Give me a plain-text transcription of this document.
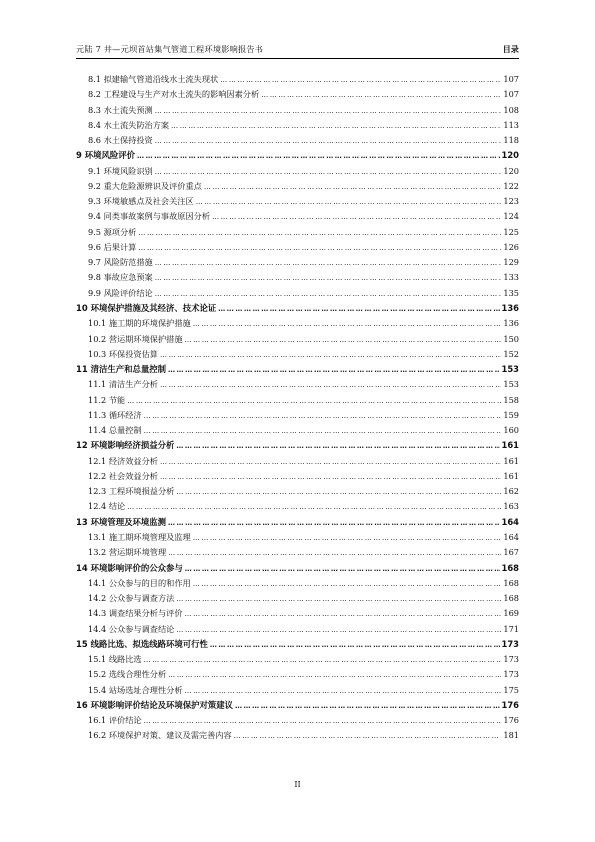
元陆 7 井—元坝首站集气管道工程环境影响报告书	目录
8.1 拟建输气管道沿线水土流失现状 …………………………………………………………………………………………………………………………………………………………………………………………	107
8.2 工程建设与生产对水土流失的影响因素分析 …………………………………………………………………………………………………………………………………………………………………………………………	107
8.3 水土流失预测 …………………………………………………………………………………………………………………………………………………………………………………………	108
8.4 水土流失防治方案 …………………………………………………………………………………………………………………………………………………………………………………………	113
8.6 水土保持投资 …………………………………………………………………………………………………………………………………………………………………………………………	118
9 环境风险评价 …………………………………………………………………………………………………………………………………………………………………………………………	120
9.1 环境风险识别 …………………………………………………………………………………………………………………………………………………………………………………………	120
9.2 重大危险源辨识及评价重点 …………………………………………………………………………………………………………………………………………………………………………………………	122
9.3 环境敏感点及社会关注区 …………………………………………………………………………………………………………………………………………………………………………………………	123
9.4 同类事故案例与事故原因分析 …………………………………………………………………………………………………………………………………………………………………………………………	124
9.5 源项分析 …………………………………………………………………………………………………………………………………………………………………………………………	125
9.6 后果计算 …………………………………………………………………………………………………………………………………………………………………………………………	126
9.7 风险防范措施 …………………………………………………………………………………………………………………………………………………………………………………………	129
9.8 事故应急预案 …………………………………………………………………………………………………………………………………………………………………………………………	133
9.9 风险评价结论 …………………………………………………………………………………………………………………………………………………………………………………………	135
10 环境保护措施及其经济、技术论证 …………………………………………………………………………………………………………………………………………………………………………………………	136
10.1 施工期的环境保护措施 …………………………………………………………………………………………………………………………………………………………………………………………	136
10.2 营运期环境保护措施 …………………………………………………………………………………………………………………………………………………………………………………………	150
10.3 环保投资估算 …………………………………………………………………………………………………………………………………………………………………………………………	152
11 清洁生产和总量控制 …………………………………………………………………………………………………………………………………………………………………………………………	153
11.1 清洁生产分析 …………………………………………………………………………………………………………………………………………………………………………………………	153
11.2 节能 …………………………………………………………………………………………………………………………………………………………………………………………	158
11.3 循环经济 …………………………………………………………………………………………………………………………………………………………………………………………	159
11.4 总量控制 …………………………………………………………………………………………………………………………………………………………………………………………	160
12 环境影响经济损益分析 …………………………………………………………………………………………………………………………………………………………………………………………	161
12.1 经济效益分析 …………………………………………………………………………………………………………………………………………………………………………………………	161
12.2 社会效益分析 …………………………………………………………………………………………………………………………………………………………………………………………	161
12.3 工程环境损益分析 …………………………………………………………………………………………………………………………………………………………………………………………	162
12.4 结论 …………………………………………………………………………………………………………………………………………………………………………………………	163
13 环境管理及环境监测 …………………………………………………………………………………………………………………………………………………………………………………………	164
13.1 施工期环境管理及监理 …………………………………………………………………………………………………………………………………………………………………………………………	164
13.2 营运期环境管理 …………………………………………………………………………………………………………………………………………………………………………………………	167
14 环境影响评价的公众参与 …………………………………………………………………………………………………………………………………………………………………………………………	168
14.1 公众参与的目的和作用 …………………………………………………………………………………………………………………………………………………………………………………………	168
14.2 公众参与调查方法 …………………………………………………………………………………………………………………………………………………………………………………………	168
14.3 调查结果分析与评价 …………………………………………………………………………………………………………………………………………………………………………………………	169
14.4 公众参与调查结论 …………………………………………………………………………………………………………………………………………………………………………………………	171
15 线路比选、拟选线路环境可行性 …………………………………………………………………………………………………………………………………………………………………………………………	173
15.1 线路比选 …………………………………………………………………………………………………………………………………………………………………………………………	173
15.2 选线合理性分析 …………………………………………………………………………………………………………………………………………………………………………………………	173
15.4 站场选址合理性分析 …………………………………………………………………………………………………………………………………………………………………………………………	175
16 环境影响评价结论及环境保护对策建议 …………………………………………………………………………………………………………………………………………………………………………………………	176
16.1 评价结论 …………………………………………………………………………………………………………………………………………………………………………………………	176
16.2 环境保护对策、建议及需完善内容 …………………………………………………………………………………………………………………………………………………………………………………………	181
II
